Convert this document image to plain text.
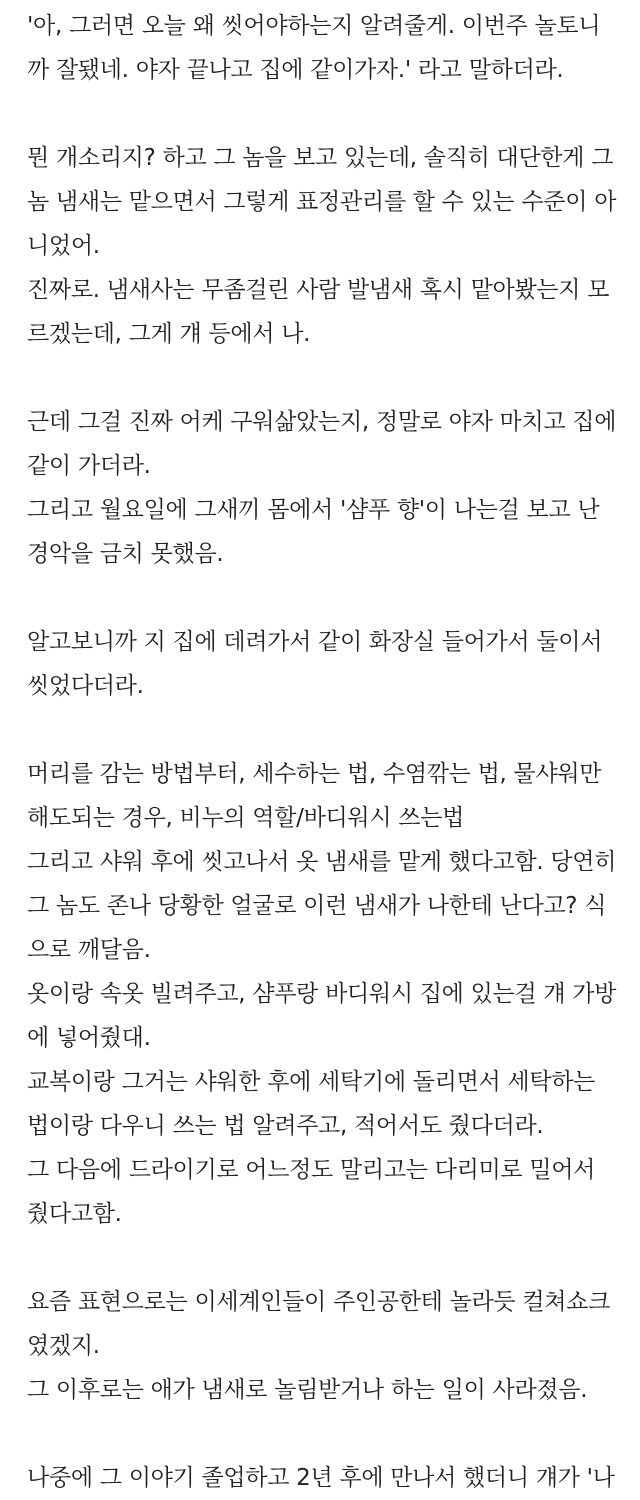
'아, 그러면 오늘 왜 씻어야하는지 알려줄게. 이번주 놀토니
까 잘됐네. 야자 끝나고 집에 같이가자.' 라고 말하더라.
뭔 개소리지? 하고 그 놈을 보고 있는데, 솔직히 대단한게 그
놈 냄새는 맡으면서 그렇게 표정관리를 할 수 있는 수준이 아
니었어.
진짜로. 냄새사는 무좀걸린 사람 발냄새 혹시 맡아봤는지 모
르겠는데, 그게 걔 등에서 나.
근데 그걸 진짜 어케 구워삶았는지, 정말로 야자 마치고 집에
같이 가더라.
그리고 월요일에 그새끼 몸에서 '샴푸 향'이 나는걸 보고 난
경악을 금치 못했음.
알고보니까 지 집에 데려가서 같이 화장실 들어가서 둘이서
씻었다더라.
머리를 감는 방법부터, 세수하는 법, 수염깎는 법, 물샤워만
해도되는 경우, 비누의 역할/바디워시 쓰는법
그리고 샤워 후에 씻고나서 옷 냄새를 맡게 했다고함. 당연히
그 놈도 존나 당황한 얼굴로 이런 냄새가 나한테 난다고? 식
으로 깨달음.
옷이랑 속옷 빌려주고, 샴푸랑 바디워시 집에 있는걸 걔 가방
에 넣어줬대.
교복이랑 그거는 샤워한 후에 세탁기에 돌리면서 세탁하는
법이랑 다우니 쓰는 법 알려주고, 적어서도 줬다더라.
그 다음에 드라이기로 어느정도 말리고는 다리미로 밀어서
줬다고함.
요즘 표현으로는 이세계인들이 주인공한테 놀라듯 컬쳐쇼크
였겠지.
그 이후로는 애가 냄새로 놀림받거나 하는 일이 사라졌음.
나중에 그 이야기 졸업하고 2년 후에 만나서 했더니 걔가 '나
